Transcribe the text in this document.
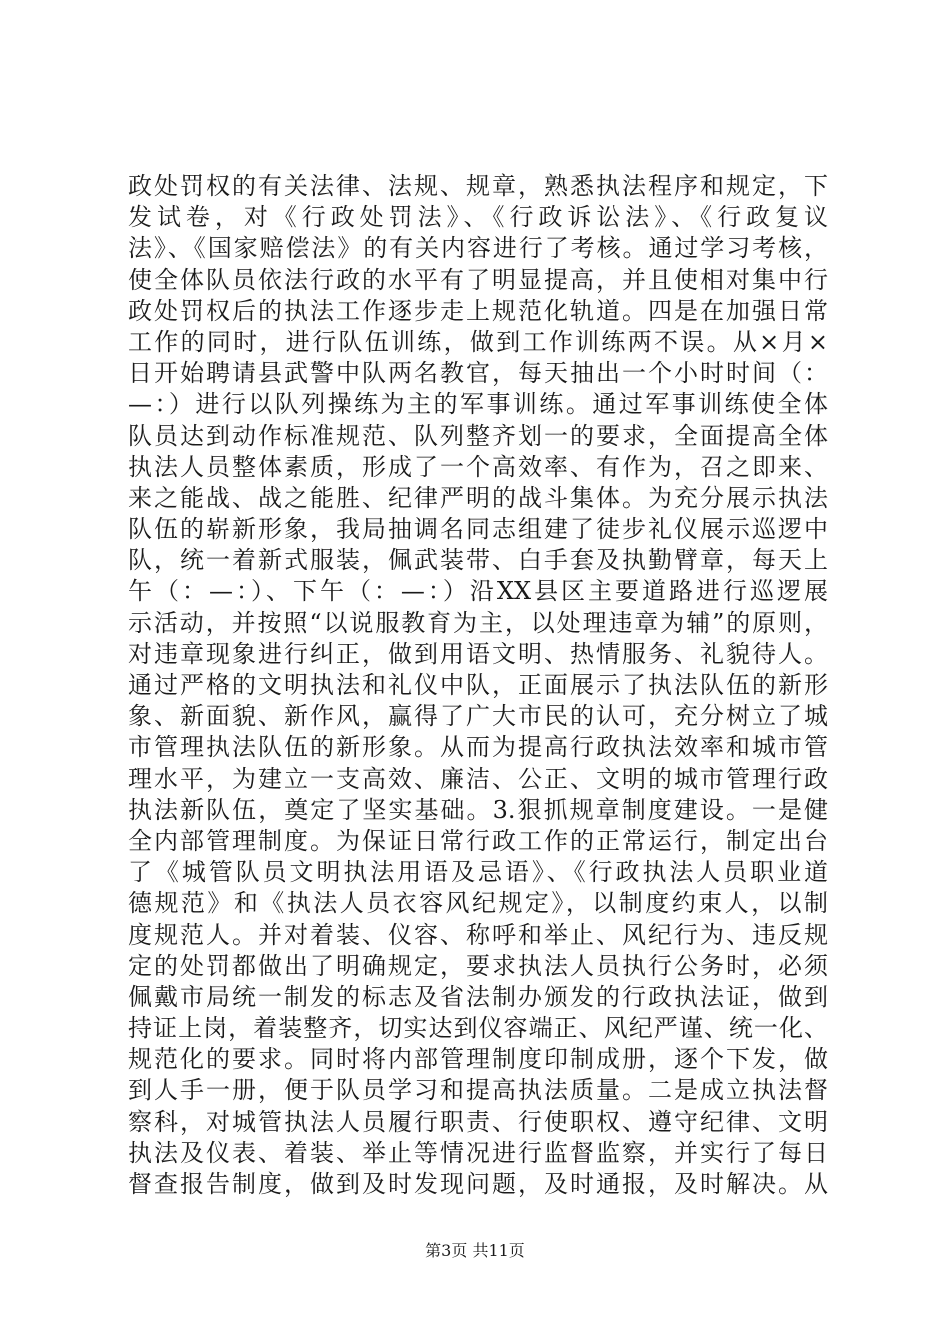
政处罚权的有关法律、法规、规章，熟悉执法程序和规定，下
发试卷，对《行政处罚法》、《行政诉讼法》、《行政复议
法》、《国家赔偿法》的有关内容进行了考核。通过学习考核，
使全体队员依法行政的水平有了明显提高，并且使相对集中行
政处罚权后的执法工作逐步走上规范化轨道。四是在加强日常
工作的同时，进行队伍训练，做到工作训练两不误。从×月×
日开始聘请县武警中队两名教官，每天抽出一个小时时间（：
—：）进行以队列操练为主的军事训练。通过军事训练使全体
队员达到动作标准规范、队列整齐划一的要求，全面提高全体
执法人员整体素质，形成了一个高效率、有作为，召之即来、
来之能战、战之能胜、纪律严明的战斗集体。为充分展示执法
队伍的崭新形象，我局抽调名同志组建了徒步礼仪展示巡逻中
队，统一着新式服装，佩武装带、白手套及执勤臂章，每天上
午（：—：）、下午（：—：）沿XX县区主要道路进行巡逻展
示活动，并按照“以说服教育为主，以处理违章为辅”的原则，
对违章现象进行纠正，做到用语文明、热情服务、礼貌待人。
通过严格的文明执法和礼仪中队，正面展示了执法队伍的新形
象、新面貌、新作风，赢得了广大市民的认可，充分树立了城
市管理执法队伍的新形象。从而为提高行政执法效率和城市管
理水平，为建立一支高效、廉洁、公正、文明的城市管理行政
执法新队伍，奠定了坚实基础。3.狠抓规章制度建设。一是健
全内部管理制度。为保证日常行政工作的正常运行，制定出台
了《城管队员文明执法用语及忌语》、《行政执法人员职业道
德规范》和《执法人员衣容风纪规定》，以制度约束人，以制
度规范人。并对着装、仪容、称呼和举止、风纪行为、违反规
定的处罚都做出了明确规定，要求执法人员执行公务时，必须
佩戴市局统一制发的标志及省法制办颁发的行政执法证，做到
持证上岗，着装整齐，切实达到仪容端正、风纪严谨、统一化、
规范化的要求。同时将内部管理制度印制成册，逐个下发，做
到人手一册，便于队员学习和提高执法质量。二是成立执法督
察科，对城管执法人员履行职责、行使职权、遵守纪律、文明
执法及仪表、着装、举止等情况进行监督监察，并实行了每日
督查报告制度，做到及时发现问题，及时通报，及时解决。从
第3页 共11页
